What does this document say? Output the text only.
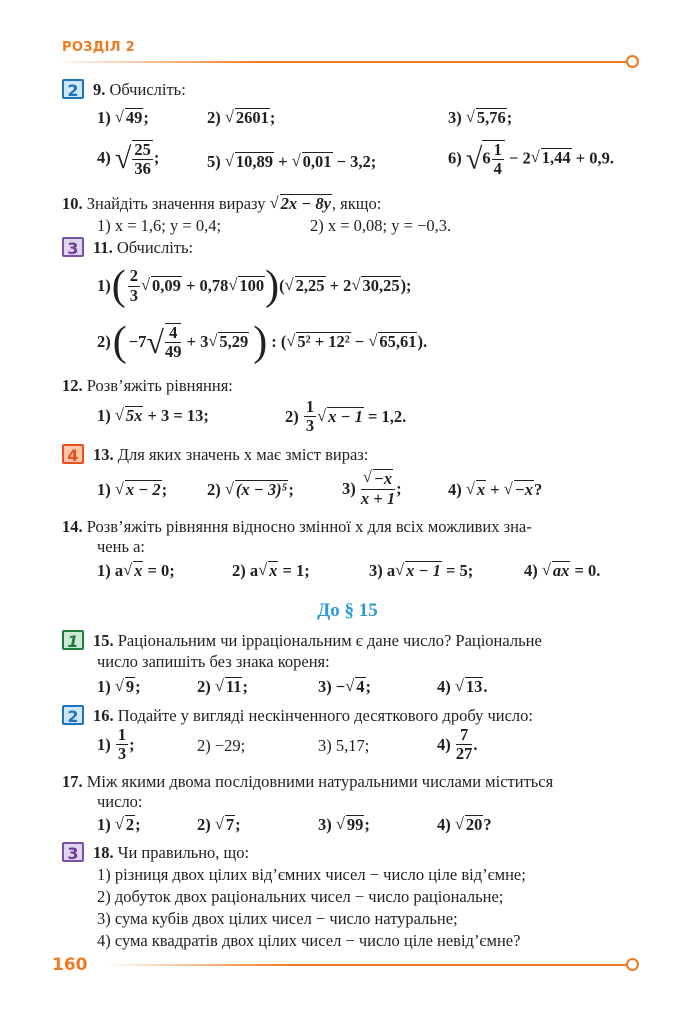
РОЗДІЛ 2
2 9. Обчисліть:
1) √ 49;	2) √ 2601;	3) √ 5,76;
4) √ $\frac{25}{36}$ ;	5) √ 10,89 + √ 0,01 − 3,2;	6) $√6 \frac{1}{4} - 2$ √ 1,44 + 0,9.
10. Знайдіть значення виразу √ 2x − 8y, якщо:
1) x = 1,6; y = 0,4;	2) x = 0,08; y = −0,3.
3 11. Обчисліть:
1) ( $\frac{2}{3}$ √ 0,09
+ 0,78 √ 100 ) ( √ 2,25
+ 2 √ 30,25 );
2) ( −7 √ $\frac{4}{49}$
+ 3 √ 5,29 ) : ( √ 5² + 12²
−
√ 65,61 ).
12. Розв’яжіть рівняння:
1) √ 5x + 3 = 13;	2)
$\frac{1}{3}$ √ x − 1
= 1,2.
4 13. Для яких значень x має зміст вираз:
1) √ x − 2; 2) √ (x − 3)⁵;	3)
√ $\frac{-x}{x + 1}$ ;	4) √ x + √ −x?
14. Розв’яжіть рівняння відносно змінної x для всіх можливих зна-
чень a:
1) a √ x = 0;	2) a √ x = 1;	3) a √ x − 1 = 5;	4) √ ax = 0.
До § 15
1 15. Раціональним чи ірраціональним є дане число? Раціональне
число запишіть без знака кореня:
1) √ 9;	2) √ 11;	3) − √ 4;	4) √ 13.
2 16. Подайте у вигляді нескінченного десяткового дробу число:
1)
$\frac{1}{3}$ ;	2) −29;	3) 5,17;	4)
$\frac{7}{27}$ .
17. Між якими двома послідовними натуральними числами міститься
число:
1) √ 2;	2) √ 7;	3) √ 99;	4) √ 20?
3 18. Чи правильно, що:
1) різниця двох цілих від’ємних чисел − число ціле від’ємне;
2) добуток двох раціональних чисел − число раціональне;
3) сума кубів двох цілих чисел − число натуральне;
4) сума квадратів двох цілих чисел − число ціле невід’ємне?
160
